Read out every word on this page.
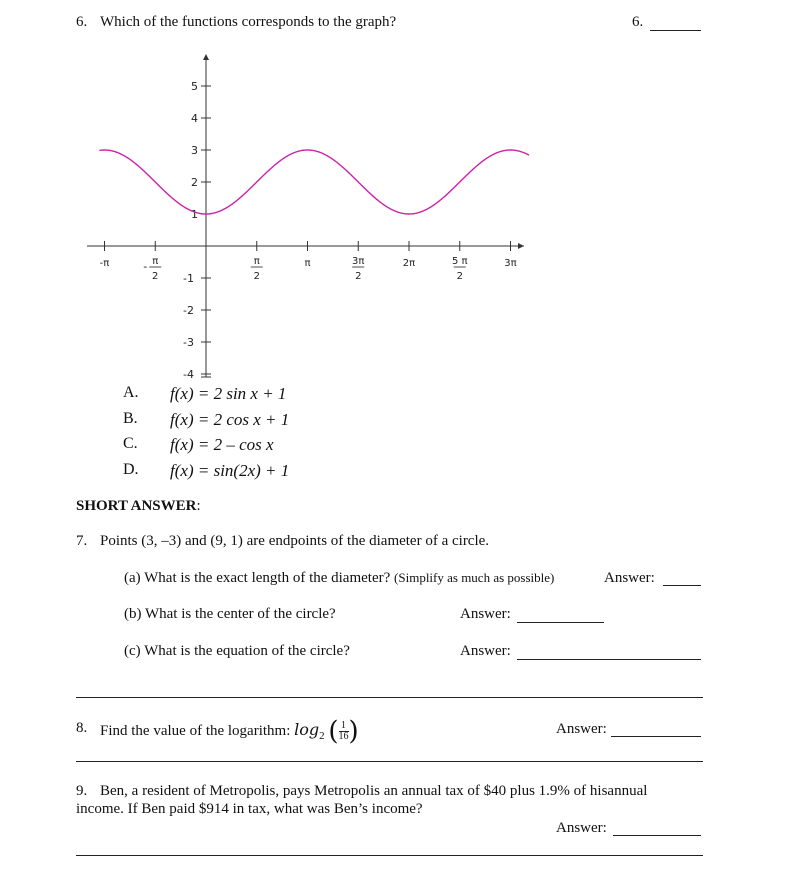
6. Which of the functions corresponds to the graph?	6.
-π	- π
2
π
2
π	3π
2
2π	5 π
2
3π
5
4
3
2
1
-1
-2
-3
-4
A. f(x) = 2 sin x + 1
B. f(x) = 2 cos x + 1
C. f(x) = 2 – cos x
D. f(x) = sin(2x) + 1
SHORT ANSWER:
7. Points (3, –3) and (9, 1) are endpoints of the diameter of a circle.
(a) What is the exact length of the diameter? (Simplify as much as possible)	Answer:
(b) What is the center of the circle?	Answer:
(c) What is the equation of the circle?	Answer:
8. Find the value of the logarithm: $\log_2$ ( $\frac{1}{16}$ )	Answer:
9. Ben, a resident of Metropolis, pays Metropolis an annual tax of $40 plus 1.9% of hisannual
income. If Ben paid $914 in tax, what was Ben’s income?
Answer:
